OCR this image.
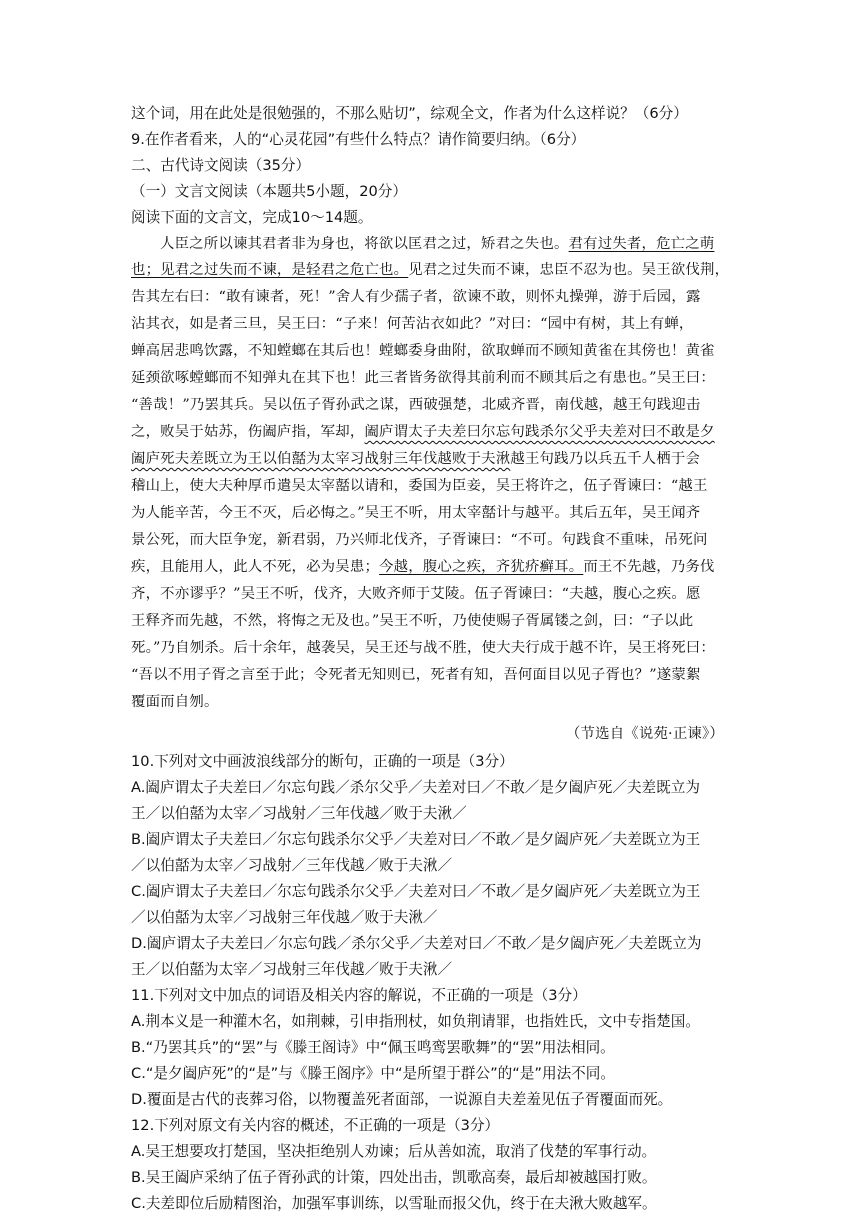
这个词，用在此处是很勉强的，不那么贴切”，综观全文，作者为什么这样说？（6分）
9.在作者看来，人的“心灵花园”有些什么特点？请作简要归纳。（6分）
二、古代诗文阅读（35分）
（一）文言文阅读（本题共5小题，20分）
阅读下面的文言文，完成10～14题。
人臣之所以谏其君者非为身也，将欲以匡君之过，矫君之失也。君有过失者，危亡之萌
也；见君之过失而不谏，是轻君之危亡也。见君之过失而不谏，忠臣不忍为也。吴王欲伐荆，
告其左右曰：“敢有谏者，死！”舍人有少孺子者，欲谏不敢，则怀丸操弹，游于后园，露
沾其衣，如是者三旦，吴王曰：“子来！何苦沾衣如此？”对曰：“园中有树，其上有蝉，
蝉高居悲鸣饮露，不知螳螂在其后也！螳螂委身曲附，欲取蝉而不顾知黄雀在其傍也！黄雀
延颈欲啄螳螂而不知弹丸在其下也！此三者皆务欲得其前利而不顾其后之有患也。”吴王曰：
“善哉！”乃罢其兵。吴以伍子胥孙武之谋，西破强楚，北威齐晋，南伐越，越王句践迎击
之，败吴于姑苏，伤阖庐指，军却，阖庐谓太子夫差曰尔忘句践杀尔父乎夫差对曰不敢是夕
阖庐死夫差既立为王以伯嚭为太宰习战射三年伐越败于夫湫越王句践乃以兵五千人栖于会
稽山上，使大夫种厚币遣吴太宰嚭以请和，委国为臣妾，吴王将许之，伍子胥谏曰：“越王
为人能辛苦，今王不灭，后必悔之。”吴王不听，用太宰嚭计与越平。其后五年，吴王闻齐
景公死，而大臣争宠，新君弱，乃兴师北伐齐，子胥谏曰：“不可。句践食不重味，吊死问
疾，且能用人，此人不死，必为吴患；今越，腹心之疾，齐犹疥癣耳。而王不先越，乃务伐
齐，不亦谬乎？”吴王不听，伐齐，大败齐师于艾陵。伍子胥谏曰：“夫越，腹心之疾。愿
王释齐而先越，不然，将悔之无及也。”吴王不听，乃使使赐子胥属镂之剑，曰：“子以此
死。”乃自刎杀。后十余年，越袭吴，吴王还与战不胜，使大夫行成于越不许，吴王将死曰：
“吾以不用子胥之言至于此；令死者无知则已，死者有知，吾何面目以见子胥也？”遂蒙絮
覆面而自刎。
（节选自《说苑·正谏》）
10.下列对文中画波浪线部分的断句，正确的一项是（3分）
A.阖庐谓太子夫差曰／尔忘句践／杀尔父乎／夫差对曰／不敢／是夕阖庐死／夫差既立为
王／以伯嚭为太宰／习战射／三年伐越／败于夫湫／
B.阖庐谓太子夫差曰／尔忘句践杀尔父乎／夫差对曰／不敢／是夕阖庐死／夫差既立为王
／以伯嚭为太宰／习战射／三年伐越／败于夫湫／
C.阖庐谓太子夫差曰／尔忘句践杀尔父乎／夫差对曰／不敢／是夕阖庐死／夫差既立为王
／以伯嚭为太宰／习战射三年伐越／败于夫湫／
D.阖庐谓太子夫差曰／尔忘句践／杀尔父乎／夫差对曰／不敢／是夕阖庐死／夫差既立为
王／以伯嚭为太宰／习战射三年伐越／败于夫湫／
11.下列对文中加点的词语及相关内容的解说，不正确的一项是（3分）
A.荆本义是一种灌木名，如荆棘，引申指刑杖，如负荆请罪，也指姓氏，文中专指楚国。
B.“乃罢其兵”的“罢”与《滕王阁诗》中“佩玉鸣鸾罢歌舞”的“罢”用法相同。
C.“是夕阖庐死”的“是”与《滕王阁序》中“是所望于群公”的“是”用法不同。
D.覆面是古代的丧葬习俗，以物覆盖死者面部，一说源自夫差羞见伍子胥覆面而死。
12.下列对原文有关内容的概述，不正确的一项是（3分）
A.吴王想要攻打楚国，坚决拒绝别人劝谏；后从善如流，取消了伐楚的军事行动。
B.吴王阖庐采纳了伍子胥孙武的计策，四处出击，凯歌高奏，最后却被越国打败。
C.夫差即位后励精图治，加强军事训练，以雪耻而报父仇，终于在夫湫大败越军。
